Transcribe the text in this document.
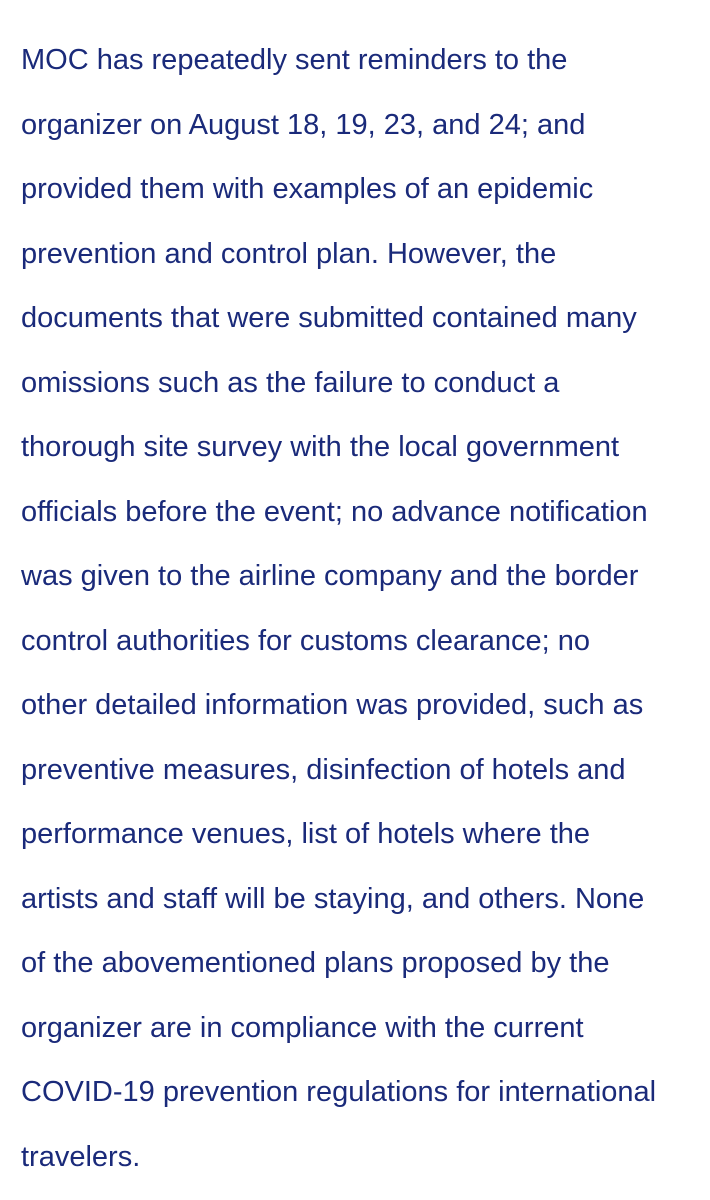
MOC has repeatedly sent reminders to the
organizer on August 18, 19, 23, and 24; and
provided them with examples of an epidemic
prevention and control plan. However, the
documents that were submitted contained many
omissions such as the failure to conduct a
thorough site survey with the local government
officials before the event; no advance notification
was given to the airline company and the border
control authorities for customs clearance; no
other detailed information was provided, such as
preventive measures, disinfection of hotels and
performance venues, list of hotels where the
artists and staff will be staying, and others. None
of the abovementioned plans proposed by the
organizer are in compliance with the current
COVID-19 prevention regulations for international
travelers.
